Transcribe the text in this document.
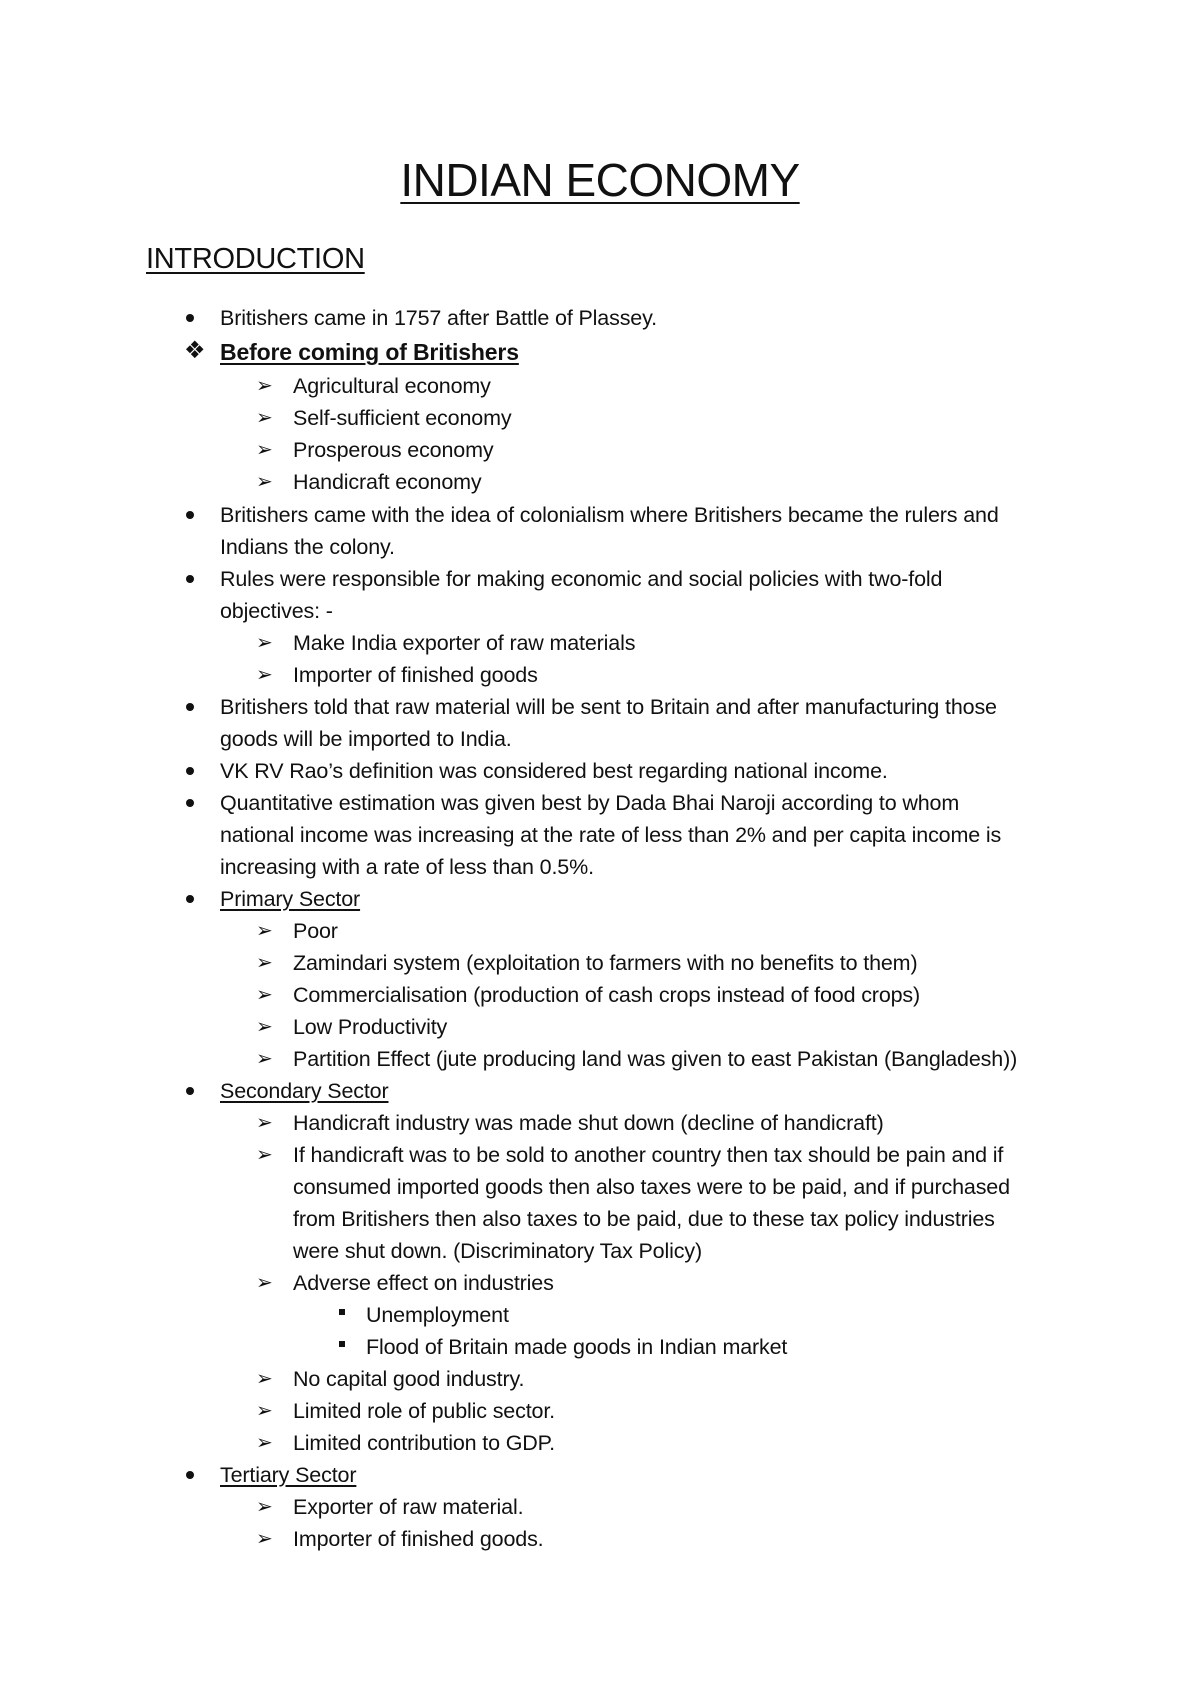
INDIAN ECONOMY
INTRODUCTION
Britishers came in 1757 after Battle of Plassey.
❖ Before coming of Britishers
➢ Agricultural economy
➢ Self-sufficient economy
➢ Prosperous economy
➢ Handicraft economy
Britishers came with the idea of colonialism where Britishers became the rulers and
Indians the colony.
Rules were responsible for making economic and social policies with two-fold
objectives: -
➢ Make India exporter of raw materials
➢ Importer of finished goods
Britishers told that raw material will be sent to Britain and after manufacturing those
goods will be imported to India.
VK RV Rao’s definition was considered best regarding national income.
Quantitative estimation was given best by Dada Bhai Naroji according to whom
national income was increasing at the rate of less than 2% and per capita income is
increasing with a rate of less than 0.5%.
Primary Sector
➢ Poor
➢ Zamindari system (exploitation to farmers with no benefits to them)
➢ Commercialisation (production of cash crops instead of food crops)
➢ Low Productivity
➢ Partition Effect (jute producing land was given to east Pakistan (Bangladesh))
Secondary Sector
➢ Handicraft industry was made shut down (decline of handicraft)
➢ If handicraft was to be sold to another country then tax should be pain and if
consumed imported goods then also taxes were to be paid, and if purchased
from Britishers then also taxes to be paid, due to these tax policy industries
were shut down. (Discriminatory Tax Policy)
➢ Adverse effect on industries
Unemployment
Flood of Britain made goods in Indian market
➢ No capital good industry.
➢ Limited role of public sector.
➢ Limited contribution to GDP.
Tertiary Sector
➢ Exporter of raw material.
➢ Importer of finished goods.
